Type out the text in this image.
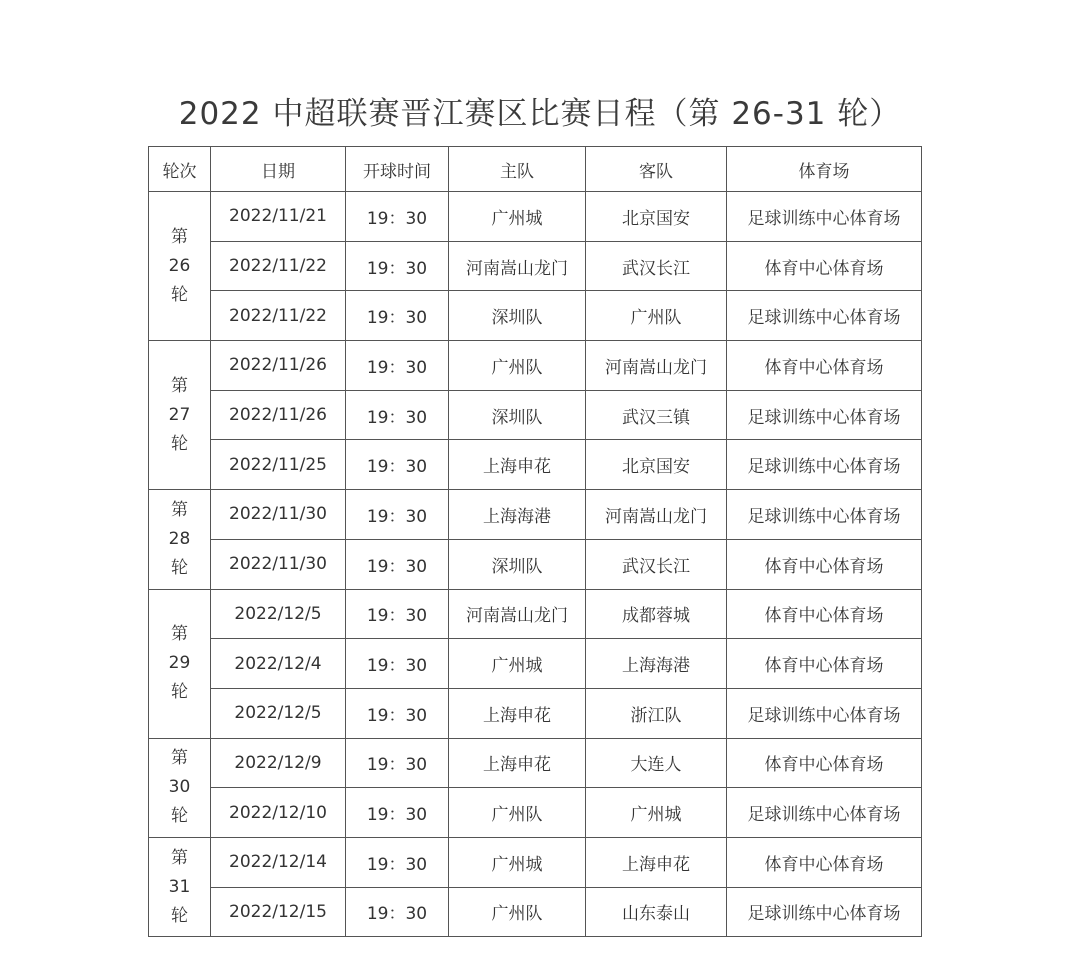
2022 中超联赛晋江赛区比赛日程（第 26-31 轮）
轮次	日期	开球时间	主队	客队	体育场

第
26
轮	2022/11/21	19：30	广州城	北京国安	足球训练中心体育场
	2022/11/22	19：30	河南嵩山龙门	武汉长江	体育中心体育场
	2022/11/22	19：30	深圳队	广州队	足球训练中心体育场

第
27
轮	2022/11/26	19：30	广州队	河南嵩山龙门	体育中心体育场
	2022/11/26	19：30	深圳队	武汉三镇	足球训练中心体育场
	2022/11/25	19：30	上海申花	北京国安	足球训练中心体育场

第
28
轮	2022/11/30	19：30	上海海港	河南嵩山龙门	足球训练中心体育场
	2022/11/30	19：30	深圳队	武汉长江	体育中心体育场

第
29
轮	2022/12/5	19：30	河南嵩山龙门	成都蓉城	体育中心体育场
	2022/12/4	19：30	广州城	上海海港	体育中心体育场
	2022/12/5	19：30	上海申花	浙江队	足球训练中心体育场

第
30
轮	2022/12/9	19：30	上海申花	大连人	体育中心体育场
	2022/12/10	19：30	广州队	广州城	足球训练中心体育场

第
31
轮	2022/12/14	19：30	广州城	上海申花	体育中心体育场
	2022/12/15	19：30	广州队	山东泰山	足球训练中心体育场
